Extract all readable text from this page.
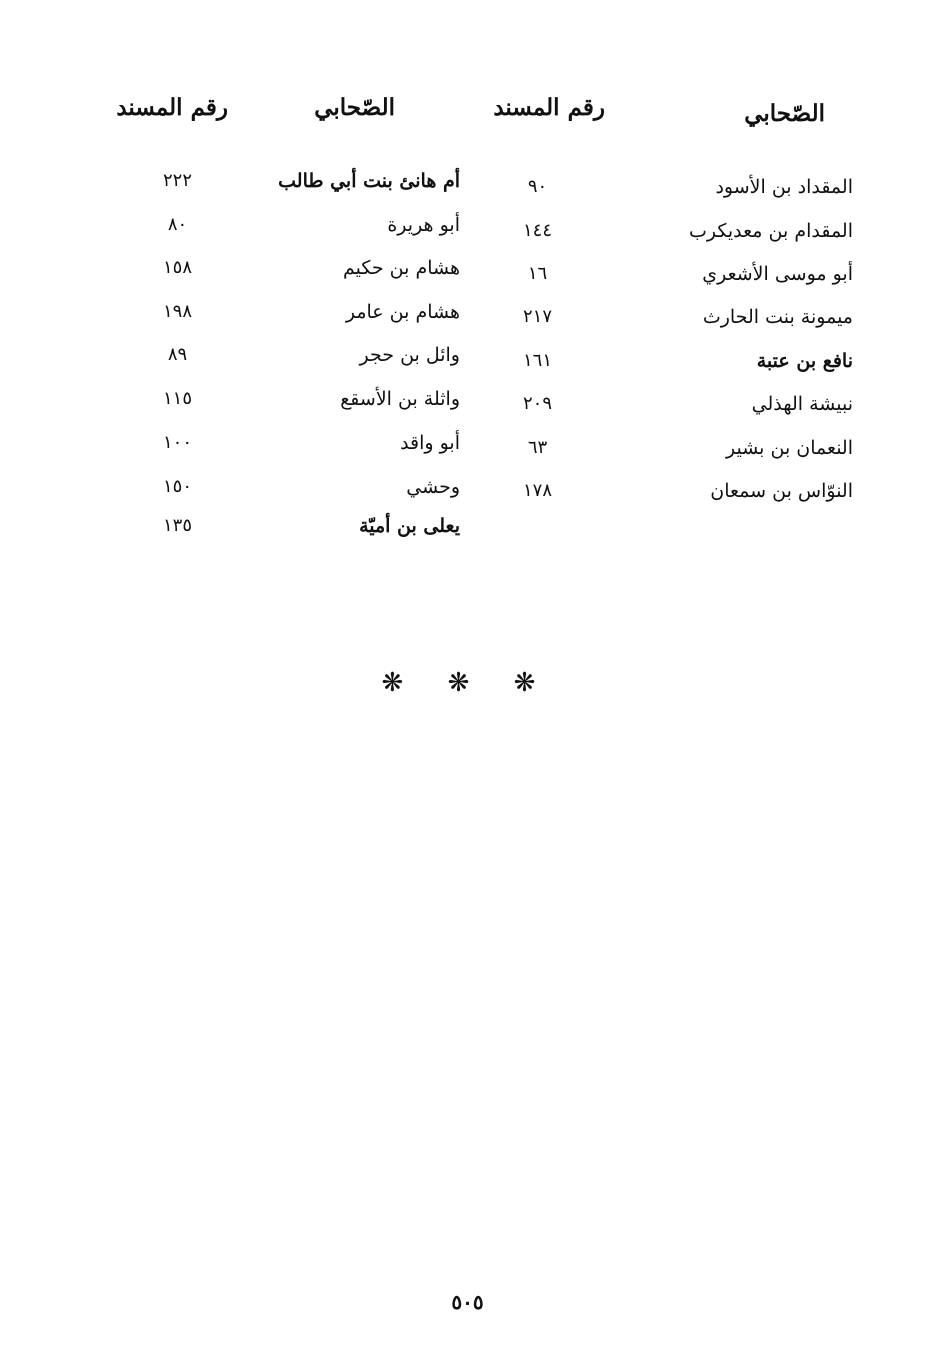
الصّحابي
رقم المسند
الصّحابي
رقم المسند
المقداد بن الأسود
٩٠
المقدام بن معديكرب
١٤٤
أبو موسى الأشعري
١٦
ميمونة بنت الحارث
٢١٧
نافع بن عتبة
١٦١
نبيشة الهذلي
٢٠٩
النعمان بن بشير
٦٣
النوّاس بن سمعان
١٧٨
أم هانئ بنت أبي طالب
٢٢٢
أبو هريرة
٨٠
هشام بن حكيم
١٥٨
هشام بن عامر
١٩٨
وائل بن حجر
٨٩
واثلة بن الأسقع
١١٥
أبو واقد
١٠٠
وحشي
١٥٠
يعلى بن أميّة
١٣٥
❋ ❋ ❋
٥٠٥
